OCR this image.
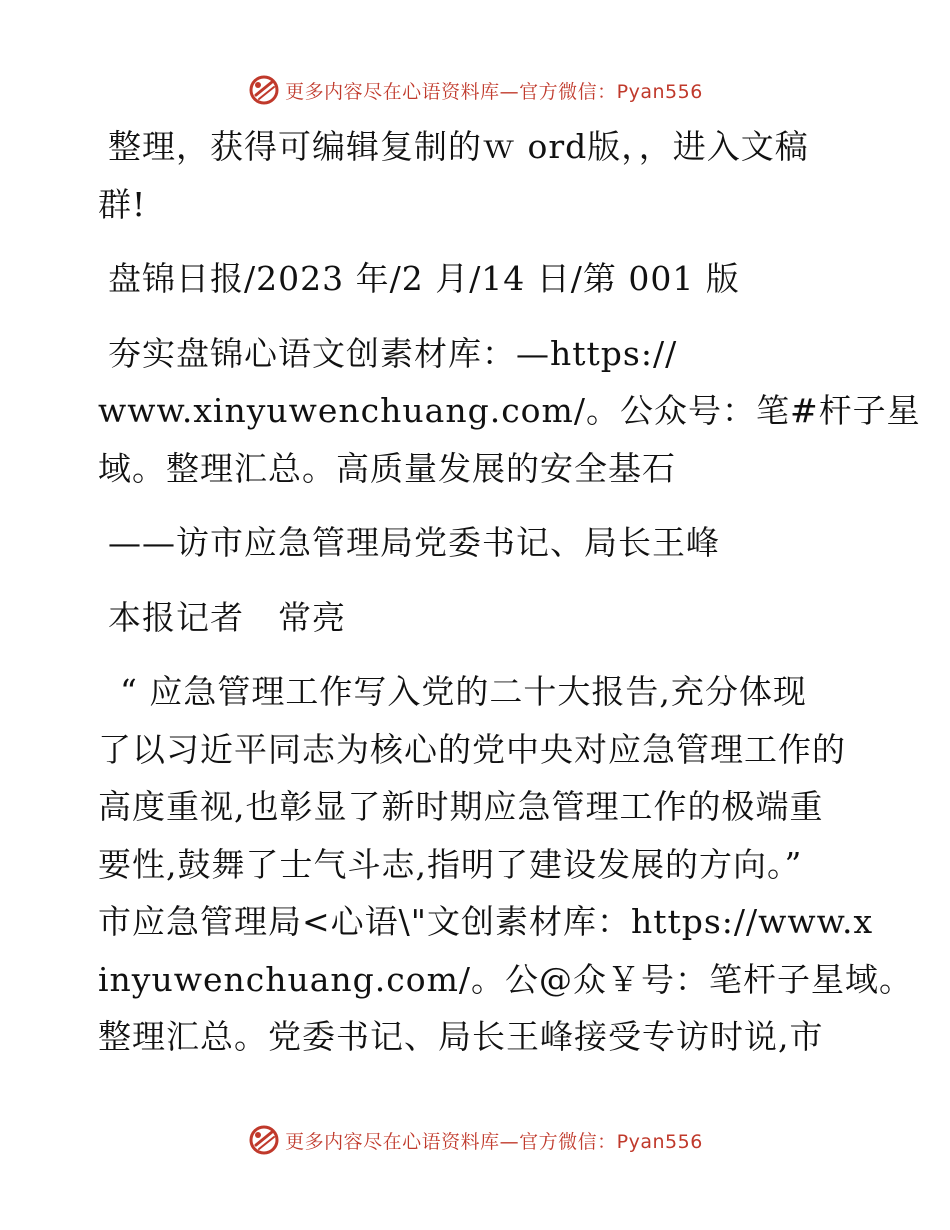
更多内容尽在心语资料库—官方微信：Pyan556
整理，获得可编辑复制的ｗ ord版，，进入文稿
群!
盘锦日报/2023 年/2 月/14 日/第 001 版
夯实盘锦心语文创素材库：—https://
www.xinyuwenchuang.com/。公众号：笔#杆子星
域。整理汇总。高质量发展的安全基石
——访市应急管理局党委书记、局长王峰
本报记者　常亮
“ 应急管理工作写入党的二十大报告,充分体现
了以习近平同志为核心的党中央对应急管理工作的
高度重视,也彰显了新时期应急管理工作的极端重
要性,鼓舞了士气斗志,指明了建设发展的方向。”
市应急管理局<心语\"文创素材库：https://www.x
inyuwenchuang.com/。公@众￥号：笔杆子星域。
整理汇总。党委书记、局长王峰接受专访时说,市
更多内容尽在心语资料库—官方微信：Pyan556
